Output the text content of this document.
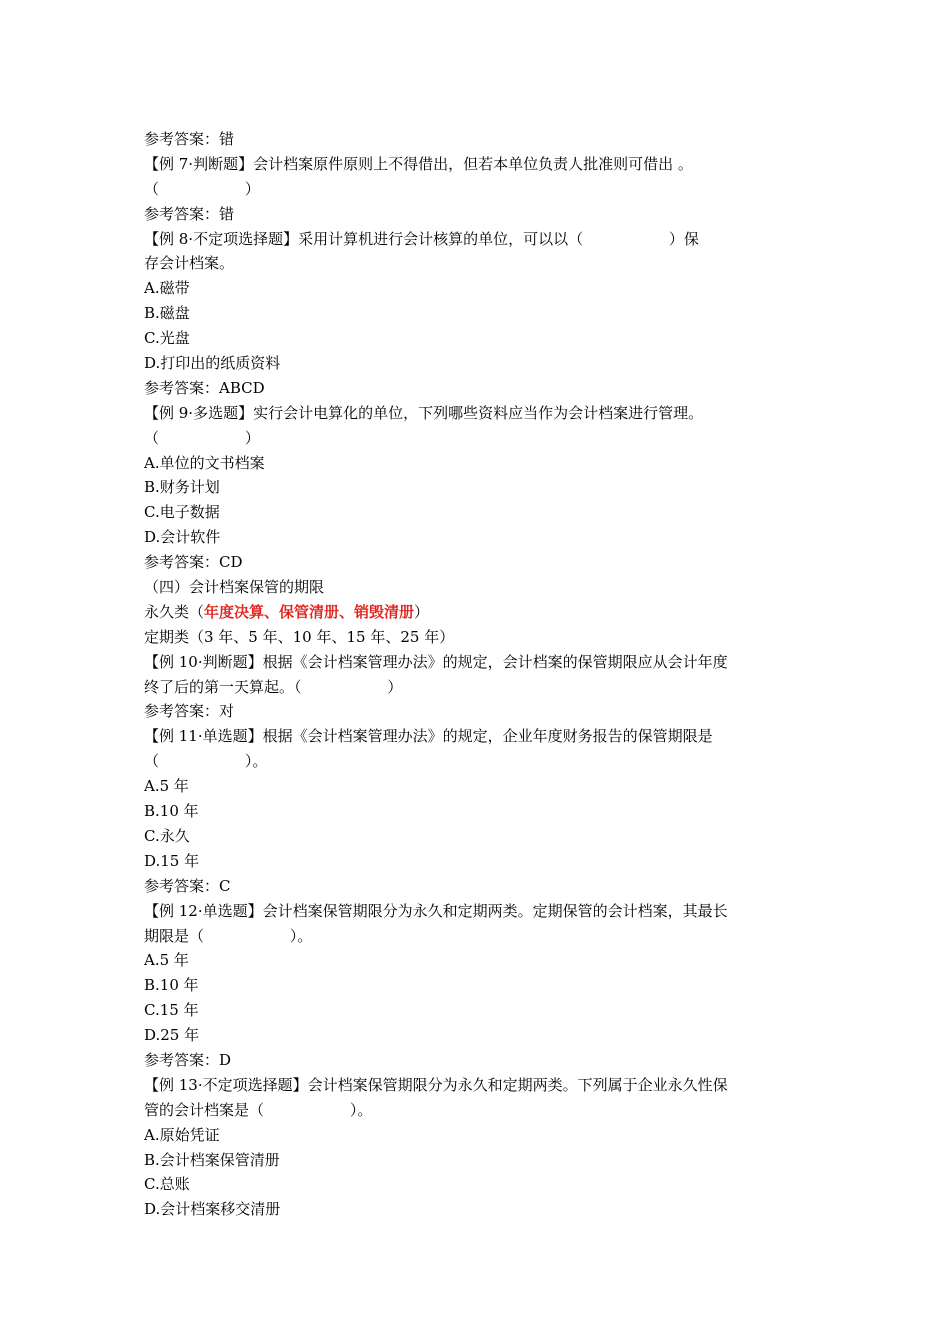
参考答案：错
【例 7·判断题】会计档案原件原则上不得借出，但若本单位负责人批准则可借出 。
（                  ）
参考答案：错
【例 8·不定项选择题】采用计算机进行会计核算的单位，可以以（                  ）保
存会计档案。
A.磁带
B.磁盘
C.光盘
D.打印出的纸质资料
参考答案：ABCD
【例 9·多选题】实行会计电算化的单位，下列哪些资料应当作为会计档案进行管理。
（                  ）
A.单位的文书档案
B.财务计划
C.电子数据
D.会计软件
参考答案：CD
（四）会计档案保管的期限
永久类（年度决算、保管清册、销毁清册）
定期类（3 年、5 年、10 年、15 年、25 年）
【例 10·判断题】根据《会计档案管理办法》的规定，会计档案的保管期限应从会计年度
终了后的第一天算起。（                  ）
参考答案：对
【例 11·单选题】根据《会计档案管理办法》的规定，企业年度财务报告的保管期限是
（                  ）。
A.5 年
B.10 年
C.永久
D.15 年
参考答案：C
【例 12·单选题】会计档案保管期限分为永久和定期两类。定期保管的会计档案，其最长
期限是（                  ）。
A.5 年
B.10 年
C.15 年
D.25 年
参考答案：D
【例 13·不定项选择题】会计档案保管期限分为永久和定期两类。下列属于企业永久性保
管的会计档案是（                  ）。
A.原始凭证
B.会计档案保管清册
C.总账
D.会计档案移交清册
